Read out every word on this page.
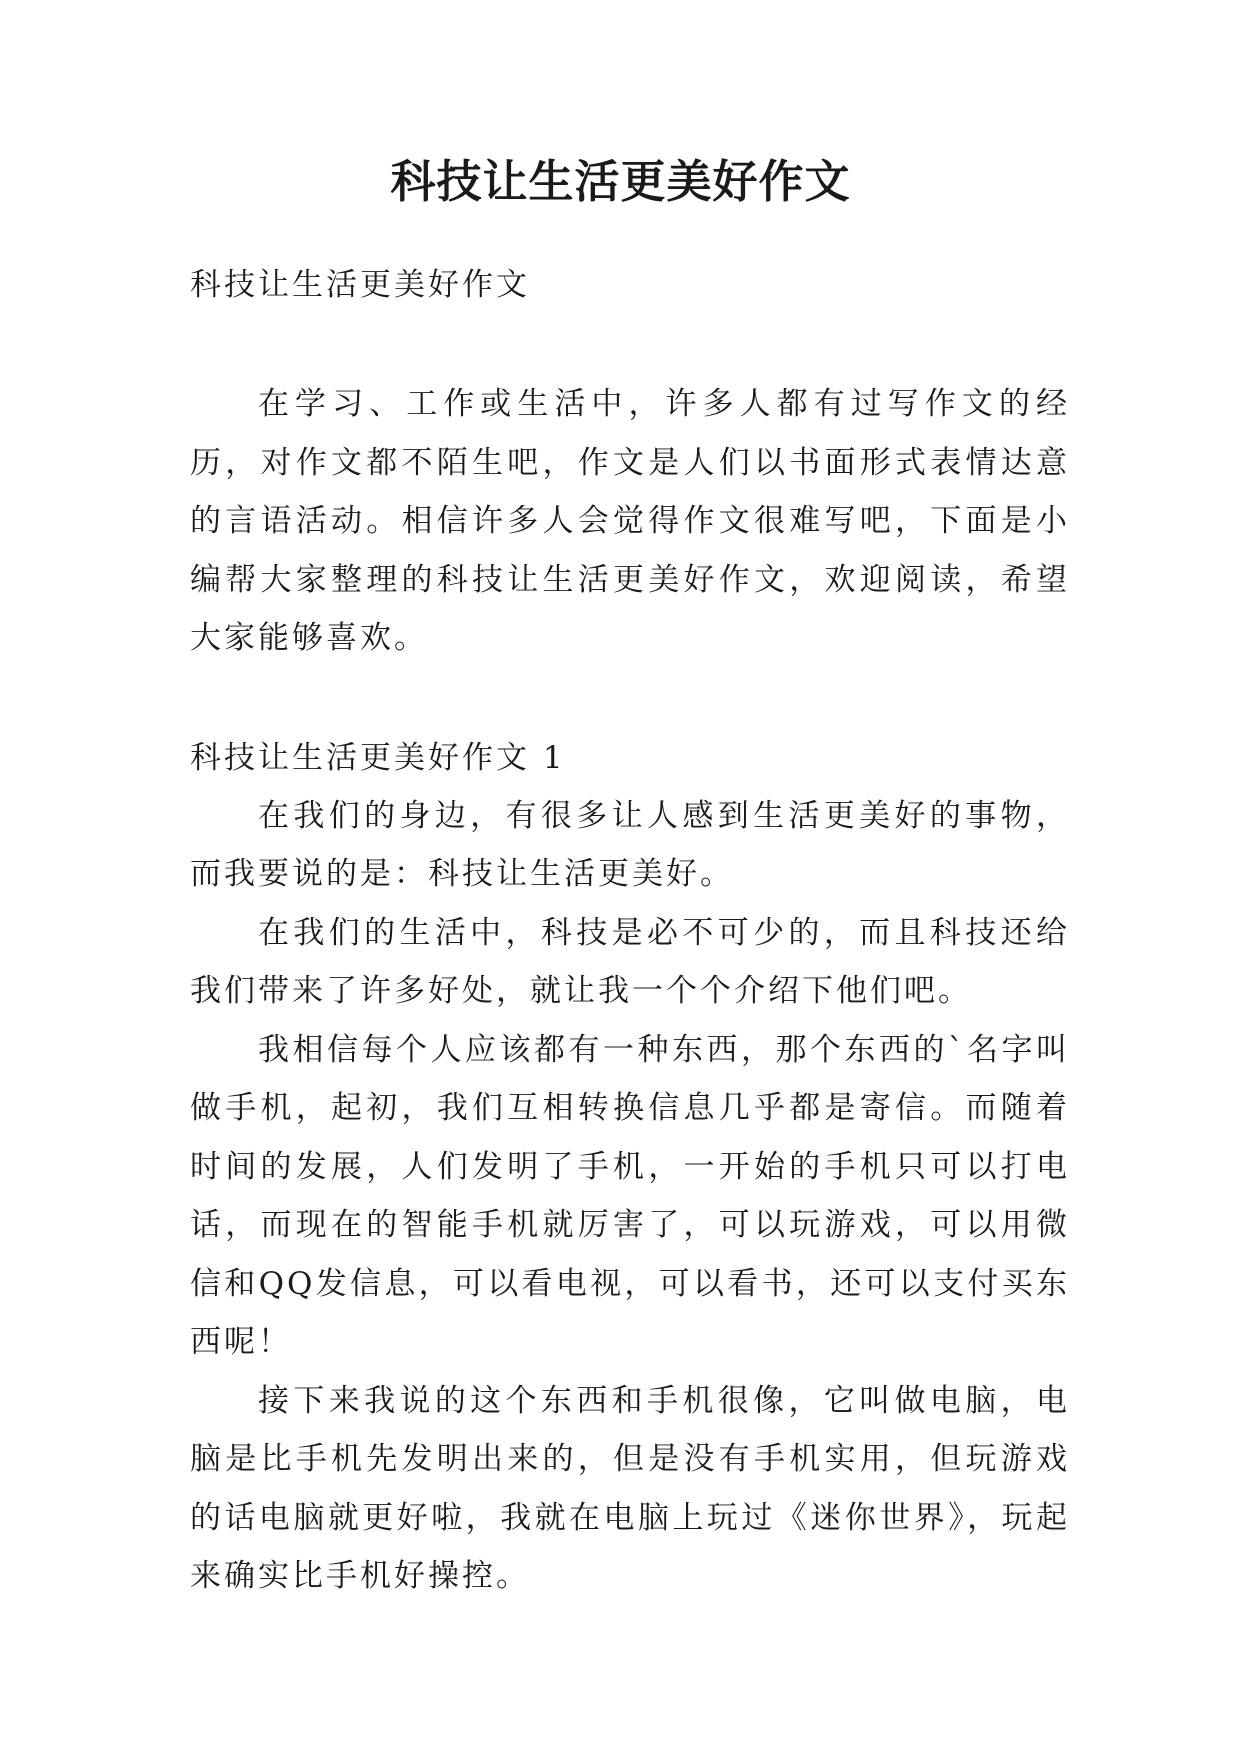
科技让生活更美好作文

科技让生活更美好作文

在学习、工作或生活中，许多人都有过写作文的经历，对作文都不陌生吧，作文是人们以书面形式表情达意的言语活动。相信许多人会觉得作文很难写吧，下面是小编帮大家整理的科技让生活更美好作文，欢迎阅读，希望大家能够喜欢。

科技让生活更美好作文 1

在我们的身边，有很多让人感到生活更美好的事物，而我要说的是：科技让生活更美好。

在我们的生活中，科技是必不可少的，而且科技还给我们带来了许多好处，就让我一个个介绍下他们吧。

我相信每个人应该都有一种东西，那个东西的`名字叫做手机，起初，我们互相转换信息几乎都是寄信。而随着时间的发展，人们发明了手机，一开始的手机只可以打电话，而现在的智能手机就厉害了，可以玩游戏，可以用微信和QQ发信息，可以看电视，可以看书，还可以支付买东西呢！

接下来我说的这个东西和手机很像，它叫做电脑，电脑是比手机先发明出来的，但是没有手机实用，但玩游戏的话电脑就更好啦，我就在电脑上玩过《迷你世界》，玩起来确实比手机好操控。
